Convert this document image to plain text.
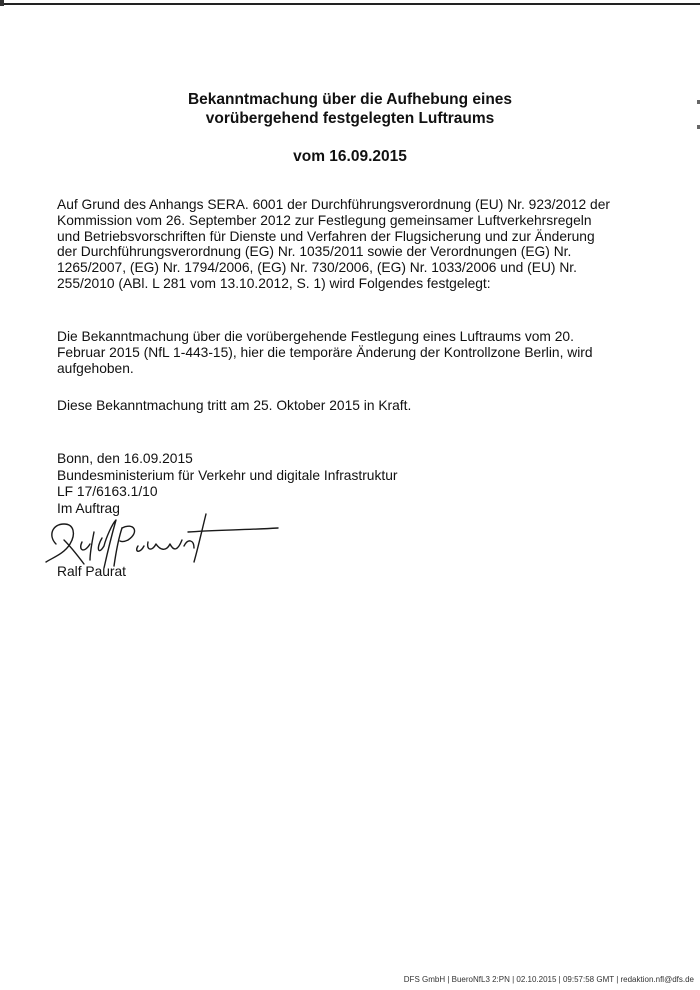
Bekanntmachung über die Aufhebung eines
vorübergehend festgelegten Luftraums
vom 16.09.2015

Auf Grund des Anhangs SERA. 6001 der Durchführungsverordnung (EU) Nr. 923/2012 der Kommission vom 26. September 2012 zur Festlegung gemeinsamer Luftverkehrsregeln und Betriebsvorschriften für Dienste und Verfahren der Flugsicherung und zur Änderung der Durchführungsverordnung (EG) Nr. 1035/2011 sowie der Verordnungen (EG) Nr. 1265/2007, (EG) Nr. 1794/2006, (EG) Nr. 730/2006, (EG) Nr. 1033/2006 und (EU) Nr. 255/2010 (ABl. L 281 vom 13.10.2012, S. 1) wird Folgendes festgelegt:

Die Bekanntmachung über die vorübergehende Festlegung eines Luftraums vom 20. Februar 2015 (NfL 1-443-15), hier die temporäre Änderung der Kontrollzone Berlin, wird aufgehoben.

Diese Bekanntmachung tritt am 25. Oktober 2015 in Kraft.

Bonn, den 16.09.2015
Bundesministerium für Verkehr und digitale Infrastruktur
LF 17/6163.1/10
Im Auftrag
Ralf Paurat
DFS GmbH | BueroNfL3 2:PN | 02.10.2015 | 09:57:58 GMT | redaktion.nfl@dfs.de
